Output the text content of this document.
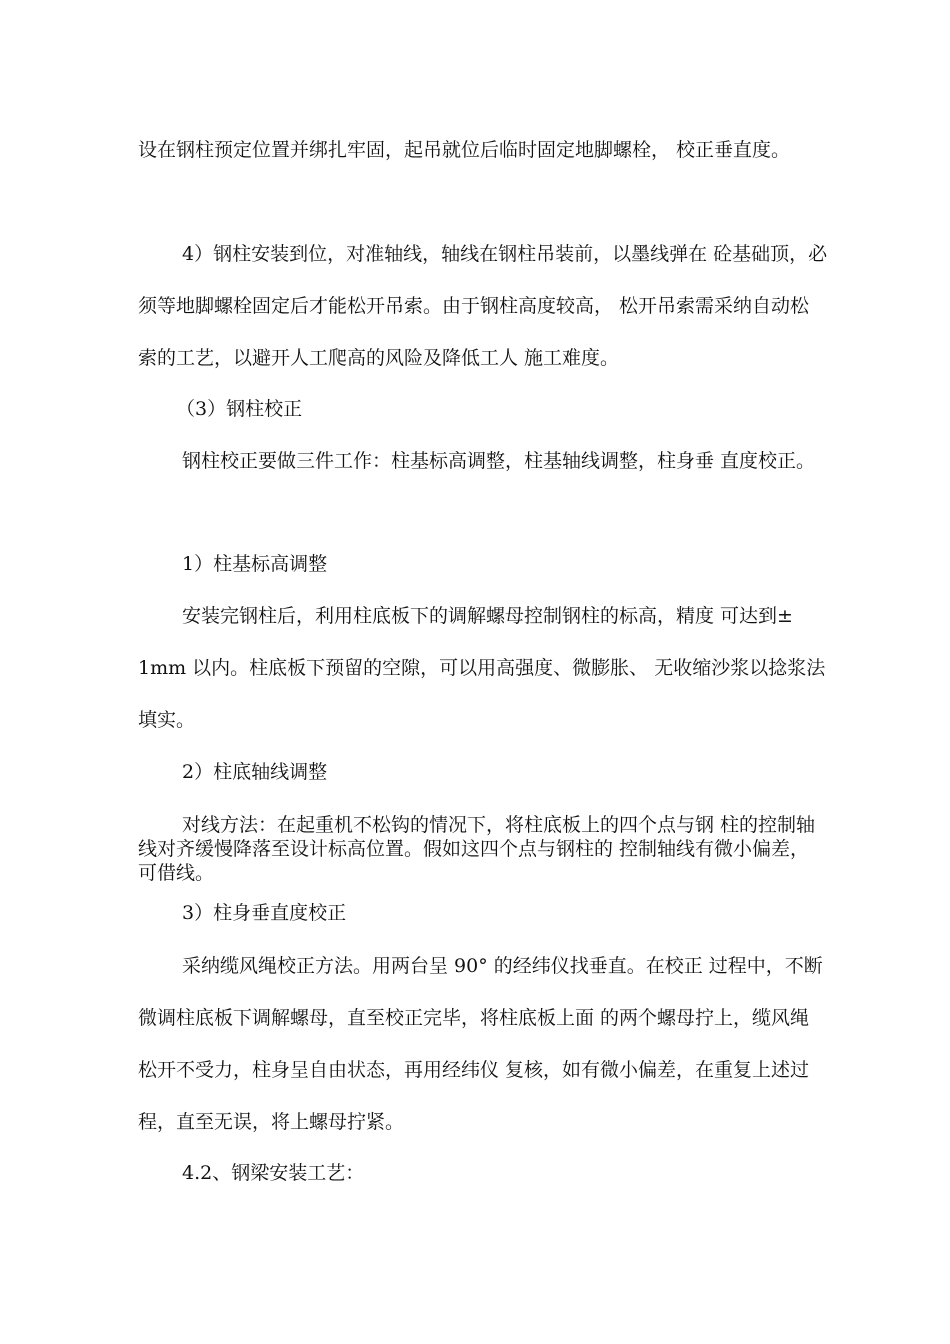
设在钢柱预定位置并绑扎牢固，起吊就位后临时固定地脚螺栓， 校正垂直度。

4）钢柱安装到位，对准轴线，轴线在钢柱吊装前，以墨线弹在 砼基础顶，必须等地脚螺栓固定后才能松开吊索。由于钢柱高度较高， 松开吊索需采纳自动松索的工艺，以避开人工爬高的风险及降低工人 施工难度。

（3）钢柱校正

钢柱校正要做三件工作：柱基标高调整，柱基轴线调整，柱身垂 直度校正。

1）柱基标高调整

安装完钢柱后，利用柱底板下的调解螺母控制钢柱的标高，精度 可达到± 1mm 以内。柱底板下预留的空隙，可以用高强度、微膨胀、 无收缩沙浆以捻浆法填实。

2）柱底轴线调整

对线方法：在起重机不松钩的情况下，将柱底板上的四个点与钢 柱的控制轴线对齐缓慢降落至设计标高位置。假如这四个点与钢柱的 控制轴线有微小偏差，可借线。

3）柱身垂直度校正

采纳缆风绳校正方法。用两台呈 90° 的经纬仪找垂直。在校正 过程中，不断微调柱底板下调解螺母，直至校正完毕，将柱底板上面 的两个螺母拧上，缆风绳松开不受力，柱身呈自由状态，再用经纬仪 复核，如有微小偏差，在重复上述过程，直至无误，将上螺母拧紧。

4.2、钢梁安装工艺：
